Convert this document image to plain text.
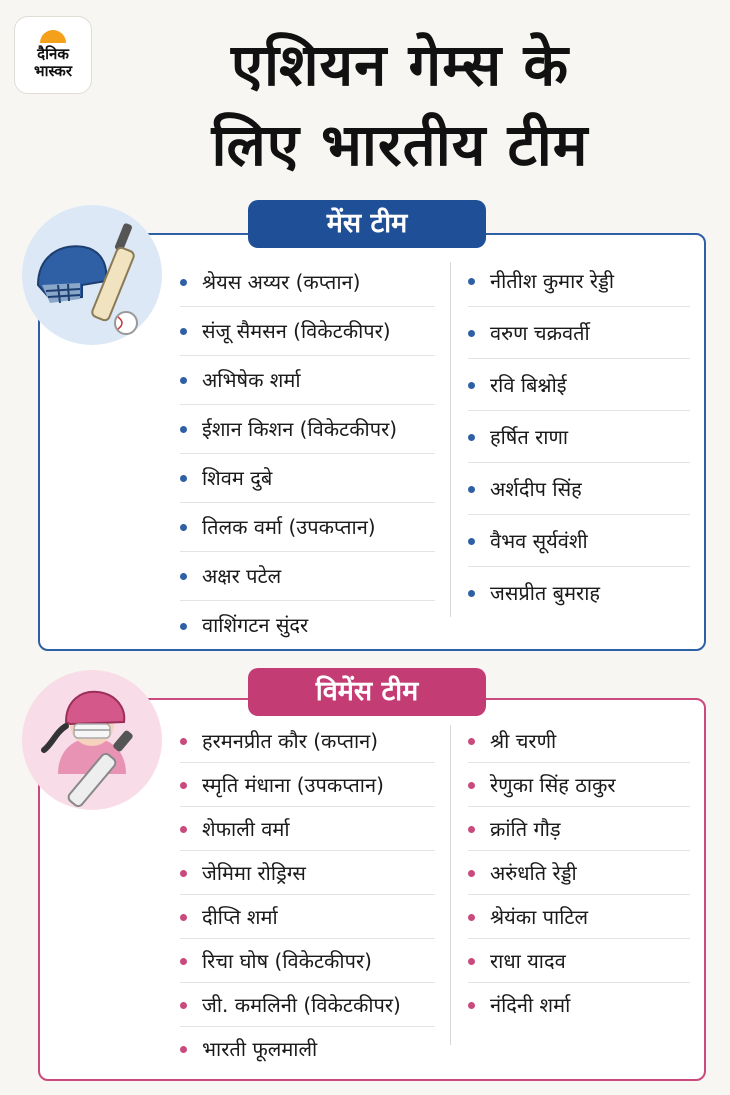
दैनिक
भास्कर	एशियन गेम्स के
लिए भारतीय टीम
मेंस टीम
श्रेयस अय्यर (कप्तान)
संजू सैमसन (विकेटकीपर)
अभिषेक शर्मा
ईशान किशन (विकेटकीपर)
शिवम दुबे
तिलक वर्मा (उपकप्तान)
अक्षर पटेल
वाशिंगटन सुंदर
नीतीश कुमार रेड्डी
वरुण चक्रवर्ती
रवि बिश्नोई
हर्षित राणा
अर्शदीप सिंह
वैभव सूर्यवंशी
जसप्रीत बुमराह
विमेंस टीम
हरमनप्रीत कौर (कप्तान)
स्मृति मंधाना (उपकप्तान)
शेफाली वर्मा
जेमिमा रोड्रिग्स
दीप्ति शर्मा
रिचा घोष (विकेटकीपर)
जी. कमलिनी (विकेटकीपर)
भारती फूलमाली
श्री चरणी
रेणुका सिंह ठाकुर
क्रांति गौड़
अरुंधति रेड्डी
श्रेयंका पाटिल
राधा यादव
नंदिनी शर्मा
